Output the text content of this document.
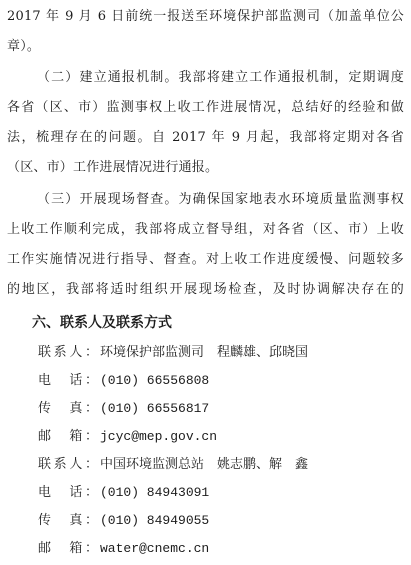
2017 年 9 月 6 日前统一报送至环境保护部监测司（加盖单位公
章）。
（二）建立通报机制。我部将建立工作通报机制，定期调度
各省（区、市）监测事权上收工作进展情况，总结好的经验和做
法，梳理存在的问题。自 2017 年 9 月起，我部将定期对各省
（区、市）工作进展情况进行通报。
（三）开展现场督查。为确保国家地表水环境质量监测事权
上收工作顺利完成，我部将成立督导组，对各省（区、市）上收
工作实施情况进行指导、督查。对上收工作进度缓慢、问题较多
的地区，我部将适时组织开展现场检查，及时协调解决存在的
六、联系人及联系方式
联系人： 环境保护部监测司　程麟雄、邱晓国
电　话： (010) 66556808
传　真： (010) 66556817
邮　箱： jcyc@mep.gov.cn
联系人： 中国环境监测总站　姚志鹏、解　鑫
电　话： (010) 84943091
传　真： (010) 84949055
邮　箱： water@cnemc.cn
